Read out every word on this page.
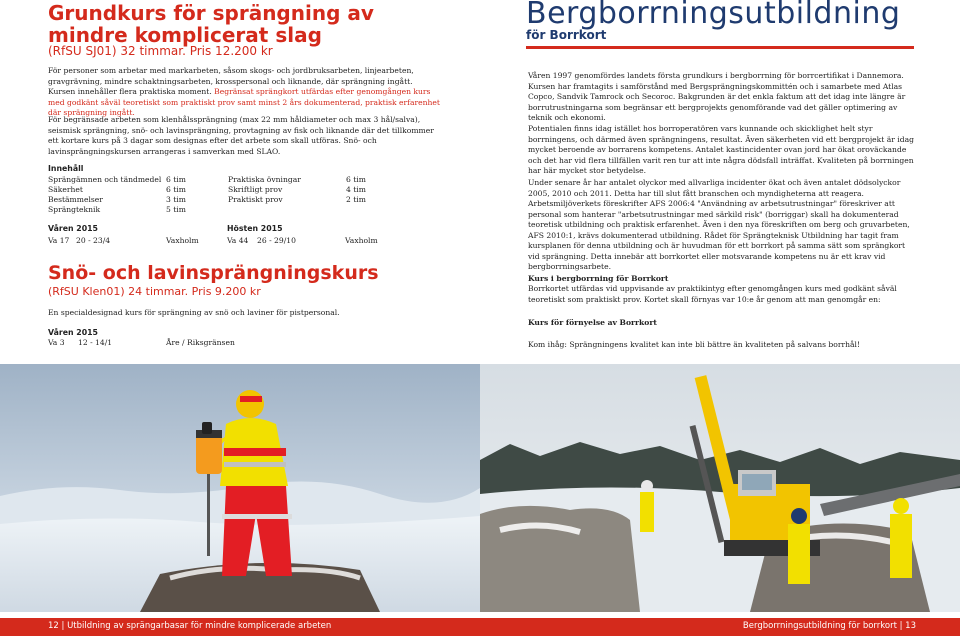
Grundkurs för sprängning av mindre komplicerat slag
(RfSU SJ01) 32 timmar. Pris 12.200 kr
För personer som arbetar med markarbeten, såsom skogs- och jordbruksarbeten, linjearbeten, gravgrävning, mindre schaktningsarbeten, krosspersonal och liknande, där sprängning ingått. Kursen innehåller flera praktiska moment. Begränsat sprängkort utfärdas efter genomgången kurs med godkänt såväl teoretiskt som praktiskt prov samt minst 2 års dokumenterad, praktisk erfarenhet där sprängning ingått.
För begränsade arbeten som klenhålssprängning (max 22 mm håldiameter och max 3 hål/salva), seismisk sprängning, snö- och lavinsprängning, provtagning av fisk och liknande där det tillkommer ett kortare kurs på 3 dagar som designas efter det arbete som skall utföras. Snö- och lavinsprängningskursen arrangeras i samverkan med SLAO.
Innehåll
Sprängämnen och tändmedel 6 tim	Praktiska övningar	6 tim
Säkerhet	6 tim	Skriftligt prov	4 tim
Bestämmelser	3 tim	Praktiskt prov	2 tim
Sprängteknik	5 tim
Våren 2015	Hösten 2015
Va 17 20 - 23/4	Vaxholm	Va 44 26 - 29/10	Vaxholm
Snö- och lavinsprängningskurs
(RfSU Klen01) 24 timmar. Pris 9.200 kr
En specialdesignad kurs för sprängning av snö och laviner för pistpersonal.
Våren 2015
Va 3 12 - 14/1	Åre / Riksgränsen
Bergborrningsutbildning
för Borrkort
Våren 1997 genomfördes landets första grundkurs i bergborrning för borrcertifikat i Dannemora. Kursen har framtagits i samförstånd med Bergsprängningskommittén och i samarbete med Atlas Copco, Sandvik Tamrock och Secoroc. Bakgrunden är det enkla faktum att det idag inte längre är borrutrustningarna som begränsar ett bergprojekts genomförande vad det gäller optimering av teknik och ekonomi.
Potentialen finns idag istället hos borroperatören vars kunnande och skicklighet helt styr borrningens, och därmed även sprängningens, resultat. Även säkerheten vid ett bergprojekt är idag mycket beroende av borrarens kompetens. Antalet kastincidenter ovan jord har ökat oroväckande och det har vid flera tillfällen varit ren tur att inte några dödsfall inträffat. Kvaliteten på borrningen har här mycket stor betydelse.
Under senare år har antalet olyckor med allvarliga incidenter ökat och även antalet dödsolyckor 2005, 2010 och 2011. Detta har till slut fått branschen och myndigheterna att reagera. Arbetsmiljöverkets föreskrifter AFS 2006:4 "Användning av arbetsutrustningar" föreskriver att personal som hanterar "arbetsutrustningar med särkild risk" (borriggar) skall ha dokumenterad teoretisk utbildning och praktisk erfarenhet. Även i den nya föreskriften om berg och gruvarbeten, AFS 2010:1, krävs dokumenterad utbildning. Rådet för Sprängteknisk Utbildning har tagit fram kursplanen för denna utbildning och är huvudman för ett borrkort på samma sätt som sprängkort vid sprängning. Detta innebär att borrkortet eller motsvarande kompetens nu är ett krav vid bergborrningsarbete.
Kurs i bergborrning för Borrkort
Borrkortet utfärdas vid uppvisande av praktikintyg efter genomgången kurs med godkänt såväl teoretiskt som praktiskt prov. Kortet skall förnyas var 10:e år genom att man genomgår en:
Kurs för förnyelse av Borrkort
Kom ihåg: Sprängningens kvalitet kan inte bli bättre än kvaliteten på salvans borrhål!
12 | Utbildning av sprängarbasar för mindre komplicerade arbeten	Bergborrningsutbildning för borrkort | 13
